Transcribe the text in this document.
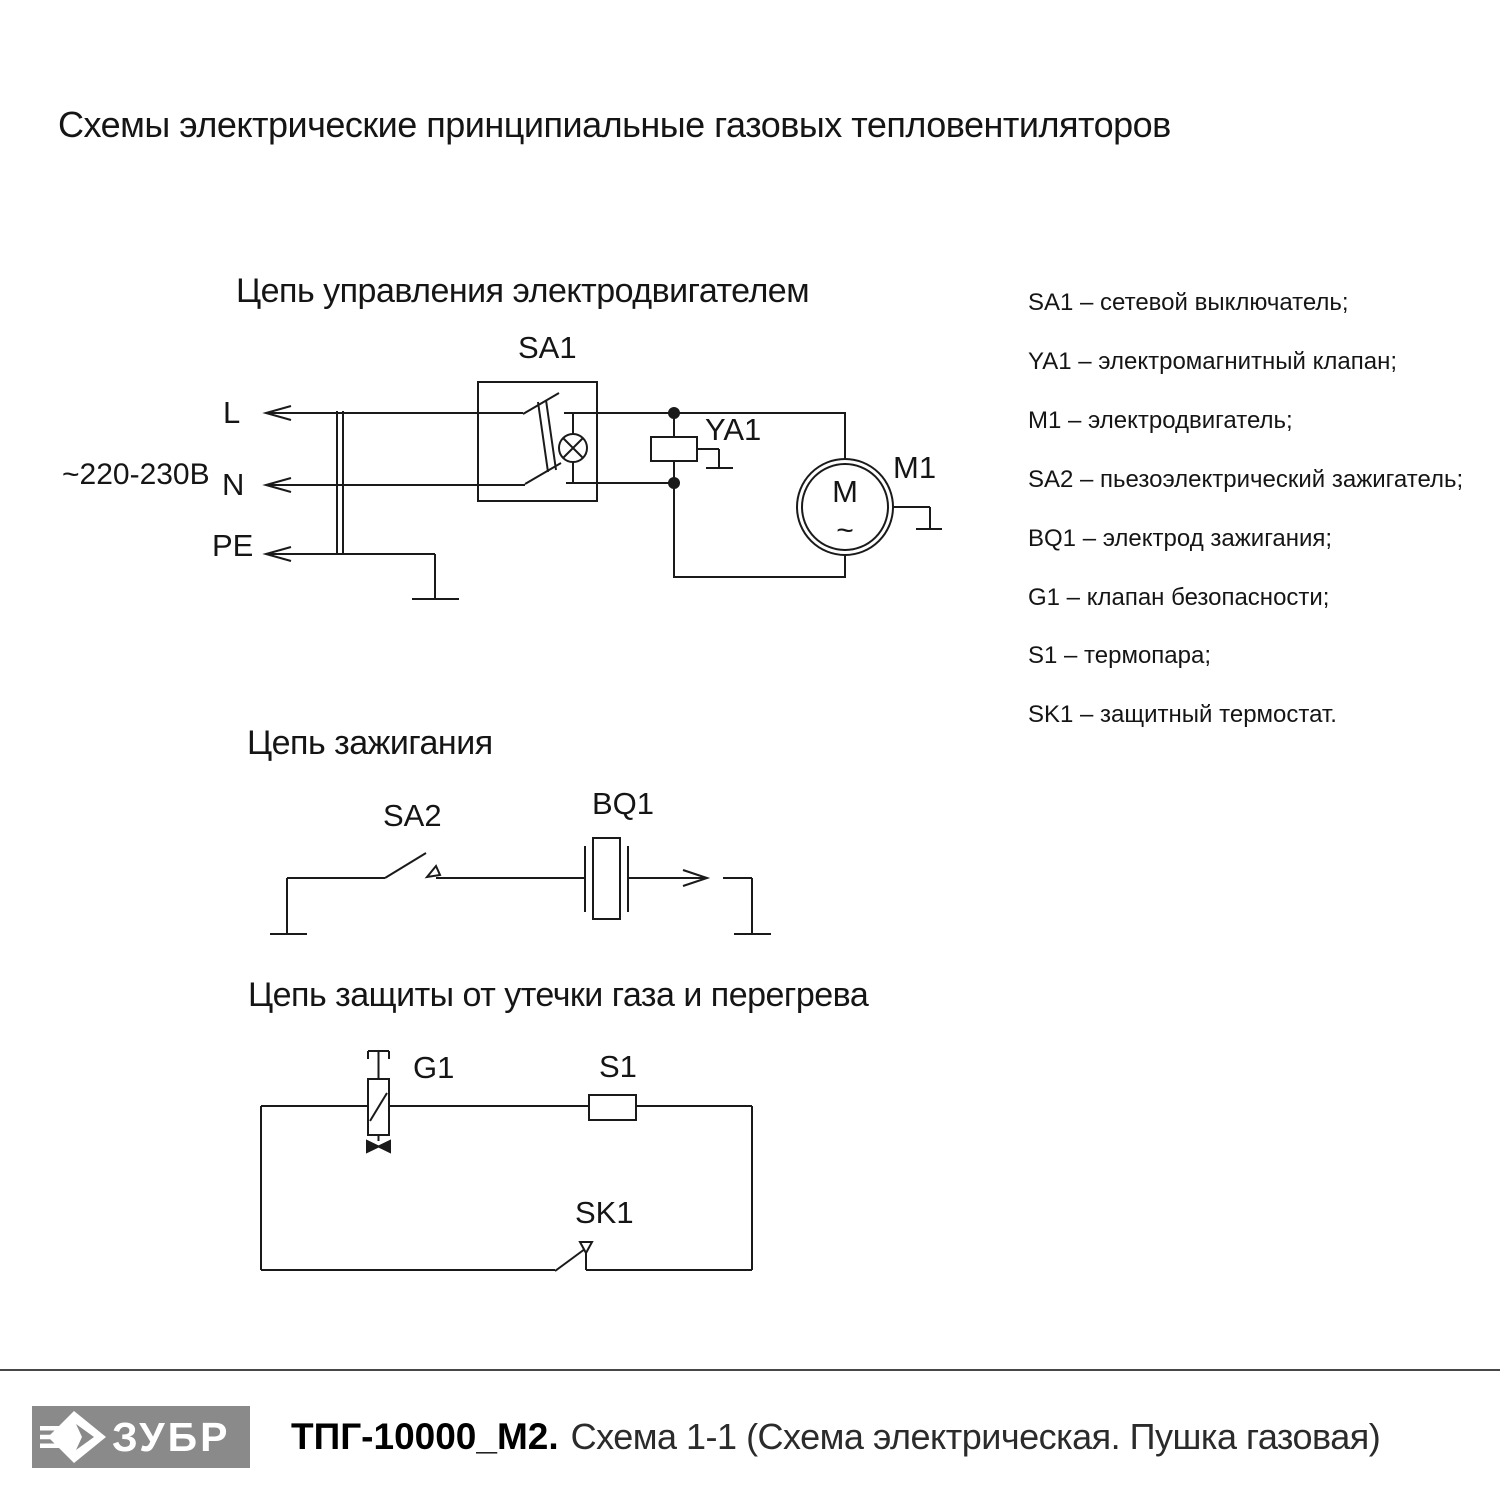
Схемы электрические принципиальные газовых тепловентиляторов
M
~
Цепь управления электродвигателем
Цепь зажигания
Цепь защиты от утечки газа и перегрева
~220-230В
L
N
PE
SA1
YA1
M1
SA2	BQ1
G1	S1
SK1
SA1 – сетевой выключатель;
YA1 – электромагнитный клапан;
M1 – электродвигатель;
SA2 – пьезоэлектрический зажигатель;
BQ1 – электрод зажигания;
G1 – клапан безопасности;
S1 – термопара;
SK1 – защитный термостат.
ЗУБР ТПГ-10000_М2. Схема 1-1 (Схема электрическая. Пушка газовая)
